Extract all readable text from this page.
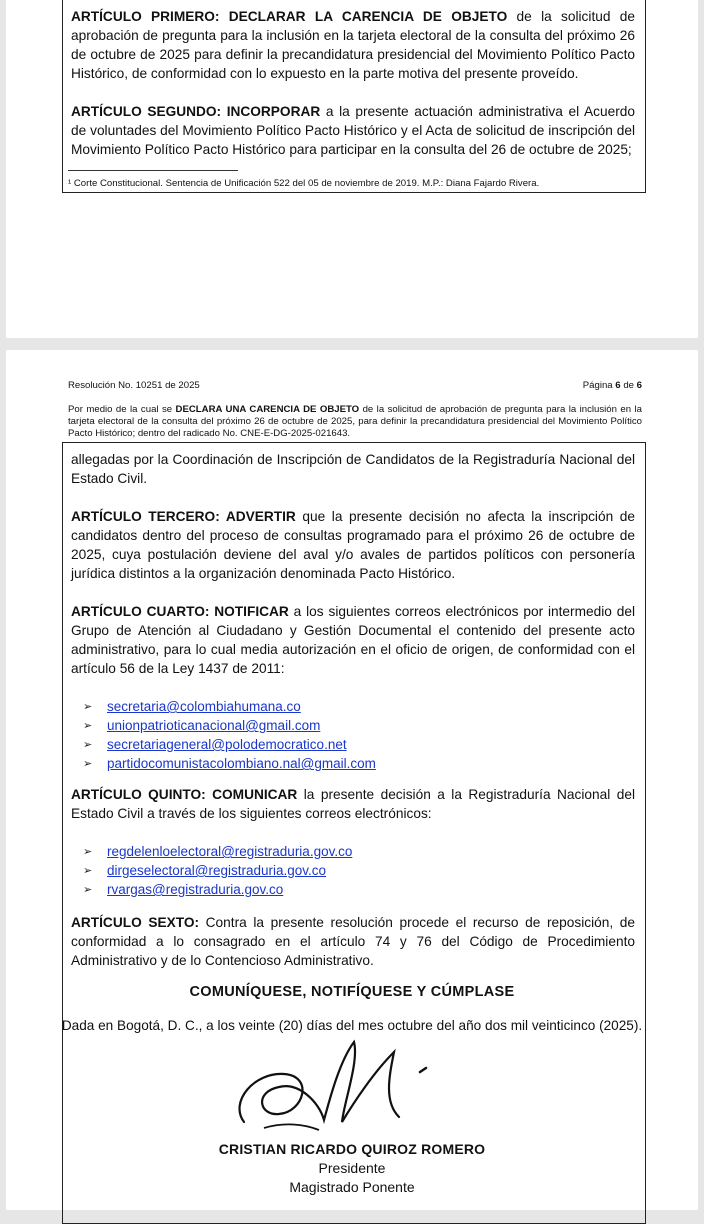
ARTÍCULO PRIMERO: DECLARAR LA CARENCIA DE OBJETO de la solicitud de aprobación de pregunta para la inclusión en la tarjeta electoral de la consulta del próximo 26 de octubre de 2025 para definir la precandidatura presidencial del Movimiento Político Pacto Histórico, de conformidad con lo expuesto en la parte motiva del presente proveído.

ARTÍCULO SEGUNDO: INCORPORAR a la presente actuación administrativa el Acuerdo de voluntades del Movimiento Político Pacto Histórico y el Acta de solicitud de inscripción del Movimiento Político Pacto Histórico para participar en la consulta del 26 de octubre de 2025;

¹ Corte Constitucional. Sentencia de Unificación 522 del 05 de noviembre de 2019. M.P.: Diana Fajardo Rivera.
Resolución No. 10251 de 2025	Página 6 de 6

Por medio de la cual se DECLARA UNA CARENCIA DE OBJETO de la solicitud de aprobación de pregunta para la inclusión en la tarjeta electoral de la consulta del próximo 26 de octubre de 2025, para definir la precandidatura presidencial del Movimiento Político Pacto Histórico; dentro del radicado No. CNE-E-DG-2025-021643.

allegadas por la Coordinación de Inscripción de Candidatos de la Registraduría Nacional del Estado Civil.

ARTÍCULO TERCERO: ADVERTIR que la presente decisión no afecta la inscripción de candidatos dentro del proceso de consultas programado para el próximo 26 de octubre de 2025, cuya postulación deviene del aval y/o avales de partidos políticos con personería jurídica distintos a la organización denominada Pacto Histórico.

ARTÍCULO CUARTO: NOTIFICAR a los siguientes correos electrónicos por intermedio del Grupo de Atención al Ciudadano y Gestión Documental el contenido del presente acto administrativo, para lo cual media autorización en el oficio de origen, de conformidad con el artículo 56 de la Ley 1437 de 2011:

➢	secretaria@colombiahumana.co
➢	unionpatrioticanacional@gmail.com
➢	secretariageneral@polodemocratico.net
➢	partidocomunistacolombiano.nal@gmail.com

ARTÍCULO QUINTO: COMUNICAR la presente decisión a la Registraduría Nacional del Estado Civil a través de los siguientes correos electrónicos:

➢	regdelenloelectoral@registraduria.gov.co
➢	dirgeselectoral@registraduria.gov.co
➢	rvargas@registraduria.gov.co

ARTÍCULO SEXTO: Contra la presente resolución procede el recurso de reposición, de conformidad a lo consagrado en el artículo 74 y 76 del Código de Procedimiento Administrativo y de lo Contencioso Administrativo.

COMUNÍQUESE, NOTIFÍQUESE Y CÚMPLASE
Dada en Bogotá, D. C., a los veinte (20) días del mes octubre del año dos mil veinticinco (2025).
CRISTIAN RICARDO QUIROZ ROMERO
Presidente
Magistrado Ponente
